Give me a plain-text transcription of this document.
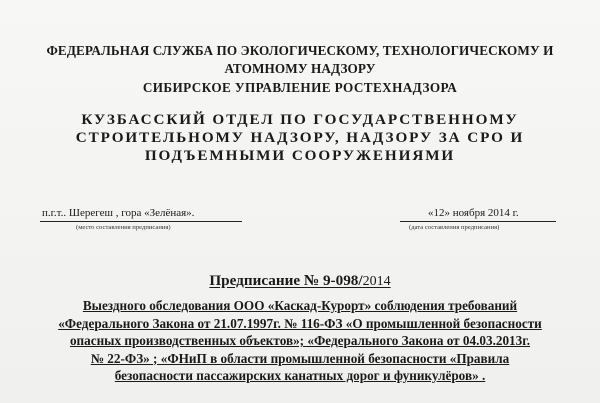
ФЕДЕРАЛЬНАЯ СЛУЖБА ПО ЭКОЛОГИЧЕСКОМУ, ТЕХНОЛОГИЧЕСКОМУ И
АТОМНОМУ НАДЗОРУ
СИБИРСКОЕ УПРАВЛЕНИЕ РОСТЕХНАДЗОРА
КУЗБАССКИЙ ОТДЕЛ ПО ГОСУДАРСТВЕННОМУ
СТРОИТЕЛЬНОМУ НАДЗОРУ, НАДЗОРУ ЗА СРО И
ПОДЪЕМНЫМИ СООРУЖЕНИЯМИ
п.г.т.. Шерегеш , гора «Зелёная».
(место составления предписания)
«12» ноября 2014 г.
(дата составления предписания)
Предписание № 9-098/2014
Выездного обследования ООО «Каскад-Курорт» соблюдения требований
«Федерального Закона от 21.07.1997г. № 116-ФЗ «О промышленной безопасности
опасных производственных объектов»; «Федерального Закона от 04.03.2013г.
№ 22-ФЗ» ; «ФНиП в области промышленной безопасности «Правила
безопасности пассажирских канатных дорог и фуникулёров» .
